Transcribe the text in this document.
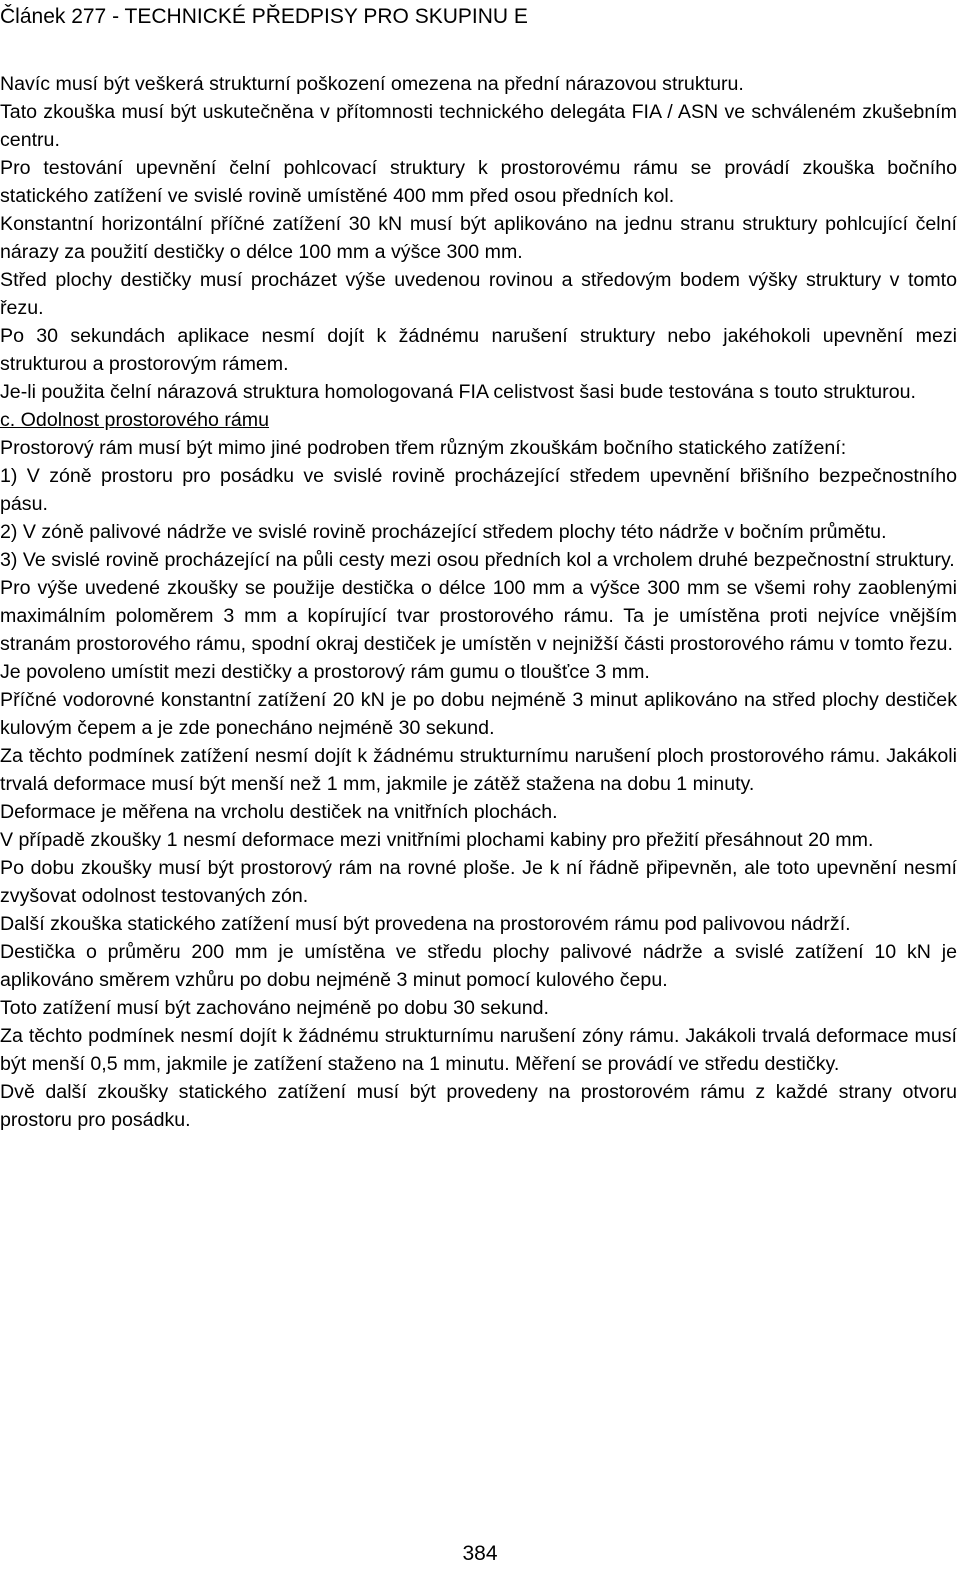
Článek 277 - TECHNICKÉ PŘEDPISY PRO SKUPINU E

Navíc musí být veškerá strukturní poškození omezena na přední nárazovou strukturu.

Tato zkouška musí být uskutečněna v přítomnosti technického delegáta FIA / ASN ve schváleném zkušebním centru.

Pro testování upevnění čelní pohlcovací struktury k prostorovému rámu se provádí zkouška bočního statického zatížení ve svislé rovině umístěné 400 mm před osou předních kol.

Konstantní horizontální příčné zatížení 30 kN musí být aplikováno na jednu stranu struktury pohlcující čelní nárazy za použití destičky o délce 100 mm a výšce 300 mm.

Střed plochy destičky musí procházet výše uvedenou rovinou a středovým bodem výšky struktury v tomto řezu.

Po 30 sekundách aplikace nesmí dojít k žádnému narušení struktury nebo jakéhokoli upevnění mezi strukturou a prostorovým rámem.

Je-li použita čelní nárazová struktura homologovaná FIA celistvost šasi bude testována s touto strukturou.

c. Odolnost prostorového rámu

Prostorový rám musí být mimo jiné podroben třem různým zkouškám bočního statického zatížení:

1) V zóně prostoru pro posádku ve svislé rovině procházející středem upevnění břišního bezpečnostního pásu.

2) V zóně palivové nádrže ve svislé rovině procházející středem plochy této nádrže v bočním průmětu.

3) Ve svislé rovině procházející na půli cesty mezi osou předních kol a vrcholem druhé bezpečnostní struktury.

Pro výše uvedené zkoušky se použije destička o délce 100 mm a výšce 300 mm se všemi rohy zaoblenými maximálním poloměrem 3 mm a kopírující tvar prostorového rámu. Ta je umístěna proti nejvíce vnějším stranám prostorového rámu, spodní okraj destiček je umístěn v nejnižší části prostorového rámu v tomto řezu.

Je povoleno umístit mezi destičky a prostorový rám gumu o tloušťce 3 mm.

Příčné vodorovné konstantní zatížení 20 kN je po dobu nejméně 3 minut aplikováno na střed plochy destiček kulovým čepem a je zde ponecháno nejméně 30 sekund.

Za těchto podmínek zatížení nesmí dojít k žádnému strukturnímu narušení ploch prostorového rámu. Jakákoli trvalá deformace musí být menší než 1 mm, jakmile je zátěž stažena na dobu 1 minuty.

Deformace je měřena na vrcholu destiček na vnitřních plochách.

V případě zkoušky 1 nesmí deformace mezi vnitřními plochami kabiny pro přežití přesáhnout 20 mm.

Po dobu zkoušky musí být prostorový rám na rovné ploše. Je k ní řádně připevněn, ale toto upevnění nesmí zvyšovat odolnost testovaných zón.

Další zkouška statického zatížení musí být provedena na prostorovém rámu pod palivovou nádrží.

Destička o průměru 200 mm je umístěna ve středu plochy palivové nádrže a svislé zatížení 10 kN je aplikováno směrem vzhůru po dobu nejméně 3 minut pomocí kulového čepu.

Toto zatížení musí být zachováno nejméně po dobu 30 sekund.

Za těchto podmínek nesmí dojít k žádnému strukturnímu narušení zóny rámu. Jakákoli trvalá deformace musí být menší 0,5 mm, jakmile je zatížení staženo na 1 minutu. Měření se provádí ve středu destičky.

Dvě další zkoušky statického zatížení musí být provedeny na prostorovém rámu z každé strany otvoru prostoru pro posádku.

384
